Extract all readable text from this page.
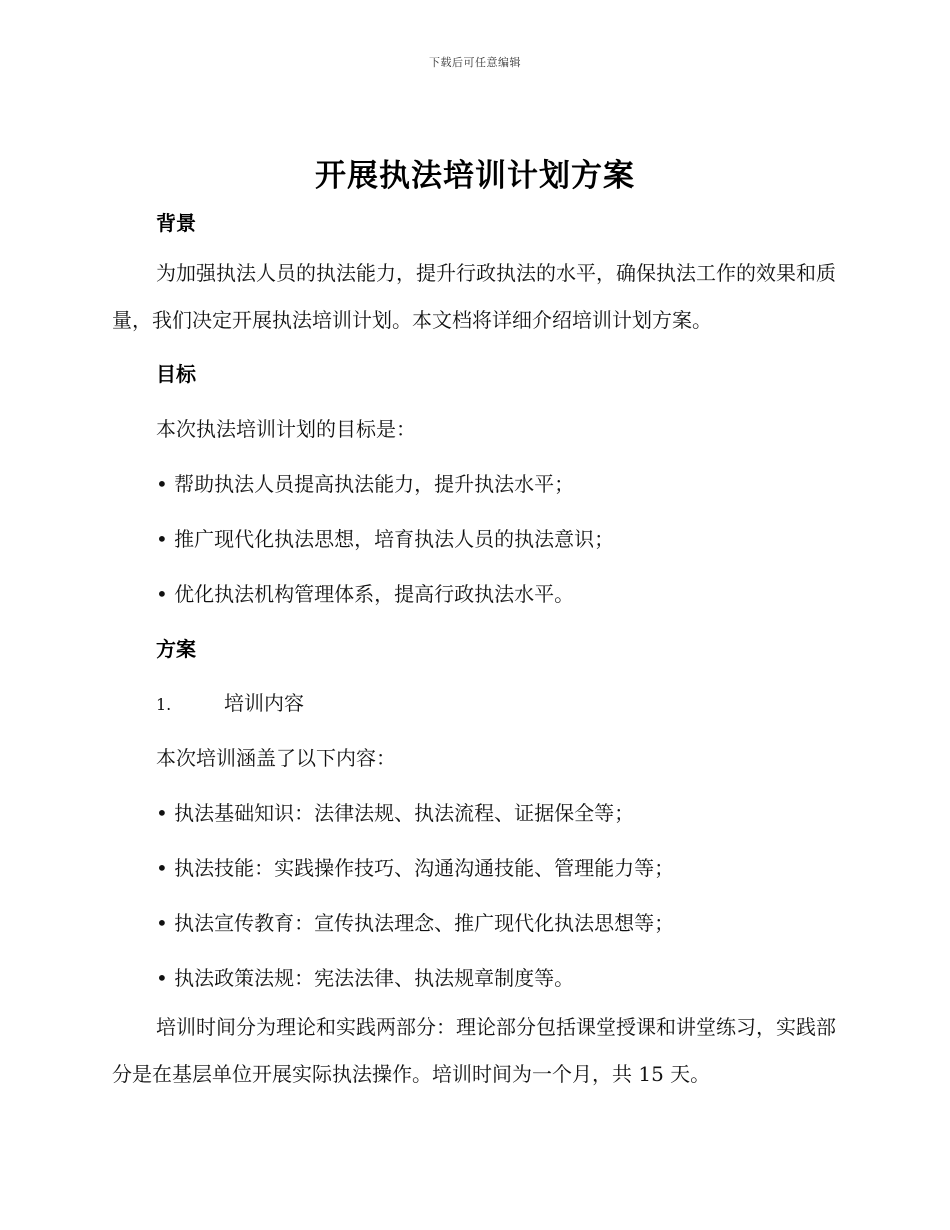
下载后可任意编辑
开展执法培训计划方案
背景

为加强执法人员的执法能力，提升行政执法的水平，确保执法工作的效果和质量，我们决定开展执法培训计划。本文档将详细介绍培训计划方案。

目标
本次执法培训计划的目标是：
• 帮助执法人员提高执法能力，提升执法水平；
• 推广现代化执法思想，培育执法人员的执法意识；
• 优化执法机构管理体系，提高行政执法水平。
方案
1.	培训内容
本次培训涵盖了以下内容：
• 执法基础知识：法律法规、执法流程、证据保全等；
• 执法技能：实践操作技巧、沟通沟通技能、管理能力等；
• 执法宣传教育：宣传执法理念、推广现代化执法思想等；
• 执法政策法规：宪法法律、执法规章制度等。

培训时间分为理论和实践两部分：理论部分包括课堂授课和讲堂练习，实践部分是在基层单位开展实际执法操作。培训时间为一个月，共 15 天。
